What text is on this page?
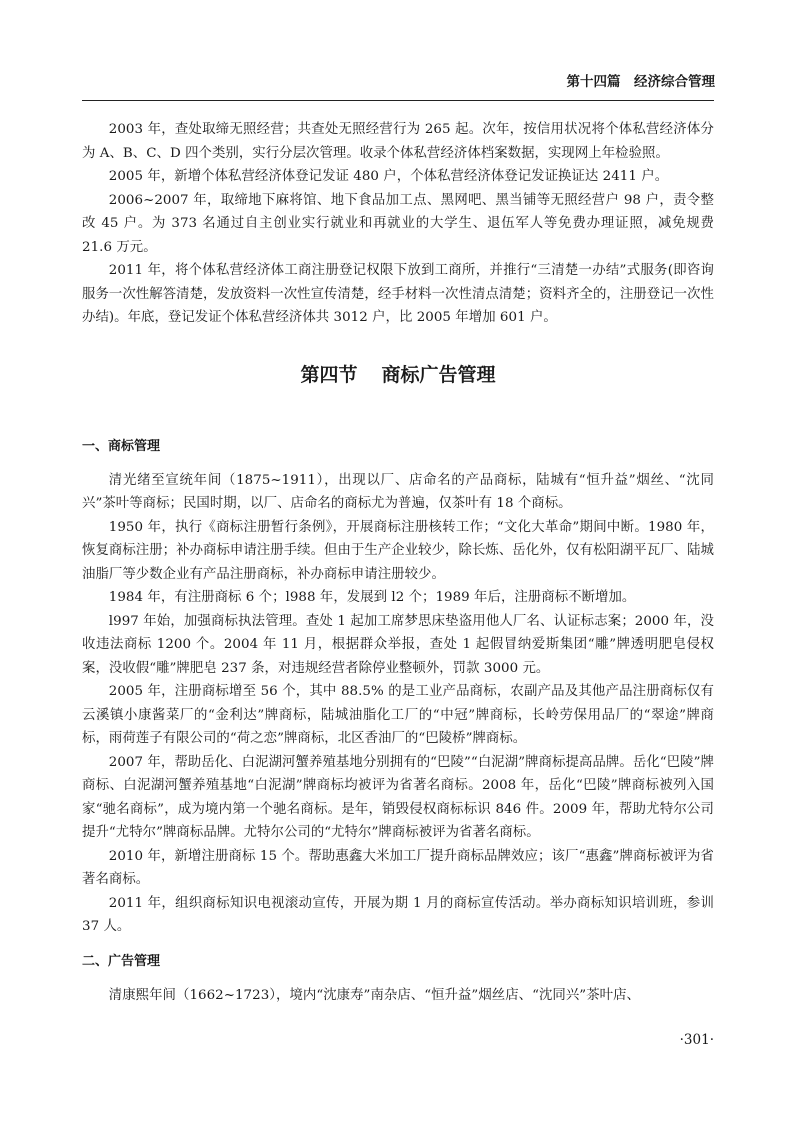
第十四篇　经济综合管理

2003 年，查处取缔无照经营；共查处无照经营行为 265 起。次年，按信用状况将个体私营经济体分为 A、B、C、D 四个类别，实行分层次管理。收录个体私营经济体档案数据，实现网上年检验照。

2005 年，新增个体私营经济体登记发证 480 户，个体私营经济体登记发证换证达 2411 户。

2006~2007 年，取缔地下麻将馆、地下食品加工点、黑网吧、黑当铺等无照经营户 98 户，责令整改 45 户。为 373 名通过自主创业实行就业和再就业的大学生、退伍军人等免费办理证照，减免规费 21.6 万元。

2011 年，将个体私营经济体工商注册登记权限下放到工商所，并推行“三清楚一办结”式服务(即咨询服务一次性解答清楚，发放资料一次性宣传清楚，经手材料一次性清点清楚；资料齐全的，注册登记一次性办结)。年底，登记发证个体私营经济体共 3012 户，比 2005 年增加 601 户。

第四节 商标广告管理

一、商标管理

清光绪至宣统年间（1875~1911），出现以厂、店命名的产品商标，陆城有“恒升益”烟丝、“沈同兴”茶叶等商标；民国时期，以厂、店命名的商标尤为普遍，仅茶叶有 18 个商标。

1950 年，执行《商标注册暂行条例》，开展商标注册核转工作；“文化大革命”期间中断。1980 年，恢复商标注册；补办商标申请注册手续。但由于生产企业较少，除长炼、岳化外，仅有松阳湖平瓦厂、陆城油脂厂等少数企业有产品注册商标，补办商标申请注册较少。

1984 年，有注册商标 6 个；l988 年，发展到 l2 个；1989 年后，注册商标不断增加。

l997 年始，加强商标执法管理。查处 1 起加工席梦思床垫盗用他人厂名、认证标志案；2000 年，没收违法商标 1200 个。2004 年 11 月，根据群众举报，查处 1 起假冒纳爱斯集团“雕”牌透明肥皂侵权案，没收假“雕”牌肥皂 237 条，对违规经营者除停业整顿外，罚款 3000 元。

2005 年，注册商标增至 56 个，其中 88.5% 的是工业产品商标，农副产品及其他产品注册商标仅有云溪镇小康酱菜厂的“金利达”牌商标，陆城油脂化工厂的“中冠”牌商标，长岭劳保用品厂的“翠途”牌商标，雨荷莲子有限公司的“荷之恋”牌商标，北区香油厂的“巴陵桥”牌商标。

2007 年，帮助岳化、白泥湖河蟹养殖基地分别拥有的“巴陵”“白泥湖”牌商标提高品牌。岳化“巴陵”牌商标、白泥湖河蟹养殖基地“白泥湖”牌商标均被评为省著名商标。2008 年，岳化“巴陵”牌商标被列入国家“驰名商标”，成为境内第一个驰名商标。是年，销毁侵权商标标识 846 件。2009 年，帮助尤特尔公司提升“尤特尔”牌商标品牌。尤特尔公司的“尤特尔”牌商标被评为省著名商标。

2010 年，新增注册商标 15 个。帮助惠鑫大米加工厂提升商标品牌效应；该厂“惠鑫”牌商标被评为省著名商标。

2011 年，组织商标知识电视滚动宣传，开展为期 1 月的商标宣传活动。举办商标知识培训班，参训 37 人。

二、广告管理

清康熙年间（1662~1723），境内“沈康寿”南杂店、“恒升益”烟丝店、“沈同兴”茶叶店、

·301·
